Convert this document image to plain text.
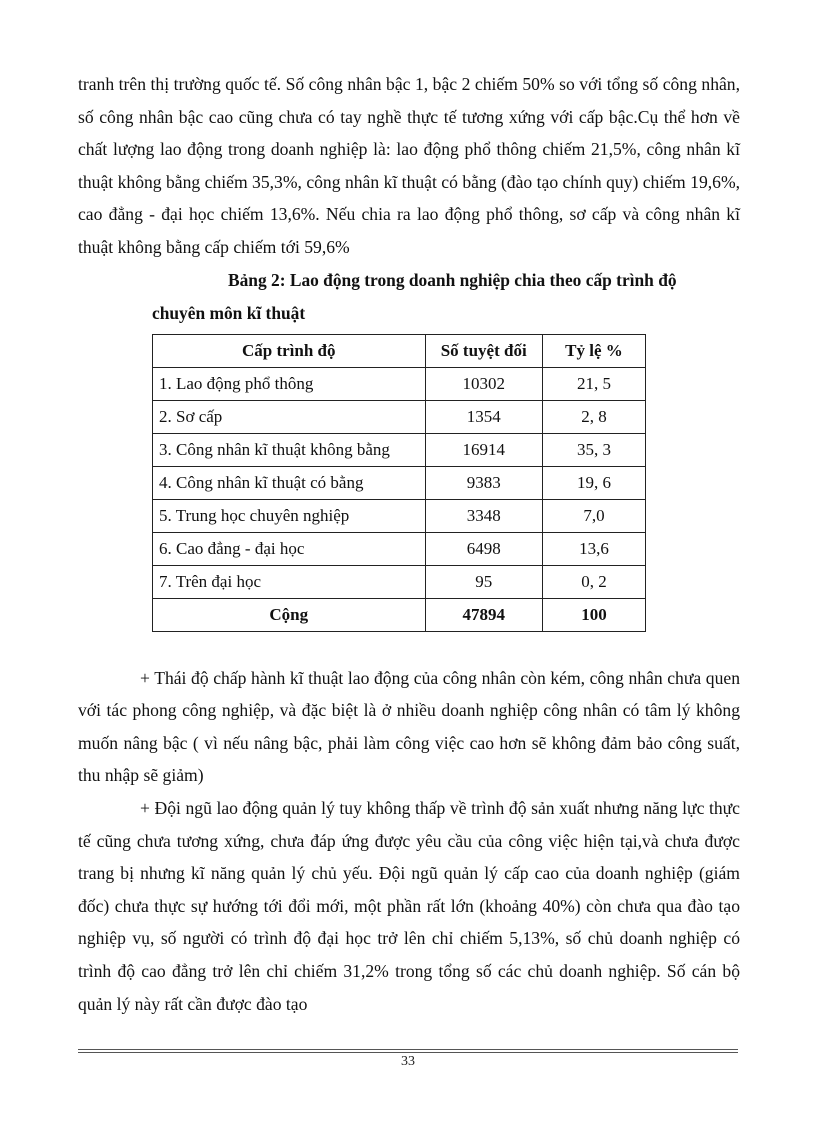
tranh trên thị trường quốc tế. Số công nhân bậc 1, bậc 2 chiếm 50% so với tổng số công nhân, số công nhân bậc cao cũng chưa có tay nghề thực tế tương xứng với cấp bậc.Cụ thể hơn về chất lượng lao động trong doanh nghiệp là: lao động phổ thông chiếm 21,5%, công nhân kĩ thuật không bằng chiếm 35,3%, công nhân kĩ thuật có bằng (đào tạo chính quy) chiếm 19,6%, cao đẳng - đại học chiếm 13,6%. Nếu chia ra lao động phổ thông, sơ cấp và công nhân kĩ thuật không bằng cấp chiếm tới 59,6%

Bảng 2: Lao động trong doanh nghiệp chia theo cấp trình độ
chuyên môn kĩ thuật
Cấp trình độ	Số tuyệt đối	Tỷ lệ %
1. Lao động phổ thông	10302	21, 5
2. Sơ cấp	1354	2, 8
3. Công nhân kĩ thuật không bằng	16914	35, 3
4. Công nhân kĩ thuật có bằng	9383	19, 6
5. Trung học chuyên nghiệp	3348	7,0
6. Cao đẳng - đại học	6498	13,6
7. Trên đại học	95	0, 2
Cộng	47894	100

+ Thái độ chấp hành kĩ thuật lao động của công nhân còn kém, công nhân chưa quen với tác phong công nghiệp, và đặc biệt là ở nhiều doanh nghiệp công nhân có tâm lý không muốn nâng bậc ( vì nếu nâng bậc, phải làm công việc cao hơn sẽ không đảm bảo công suất, thu nhập sẽ giảm)

+ Đội ngũ lao động quản lý tuy không thấp về trình độ sản xuất nhưng năng lực thực tế cũng chưa tương xứng, chưa đáp ứng được yêu cầu của công việc hiện tại,và chưa được trang bị nhưng kĩ năng quản lý chủ yếu. Đội ngũ quản lý cấp cao của doanh nghiệp (giám đốc) chưa thực sự hướng tới đổi mới, một phần rất lớn (khoảng 40%) còn chưa qua đào tạo nghiệp vụ, số người có trình độ đại học trở lên chỉ chiếm 5,13%, số chủ doanh nghiệp có trình độ cao đẳng trở lên chỉ chiếm 31,2% trong tổng số các chủ doanh nghiệp. Số cán bộ quản lý này rất cần được đào tạo

33
